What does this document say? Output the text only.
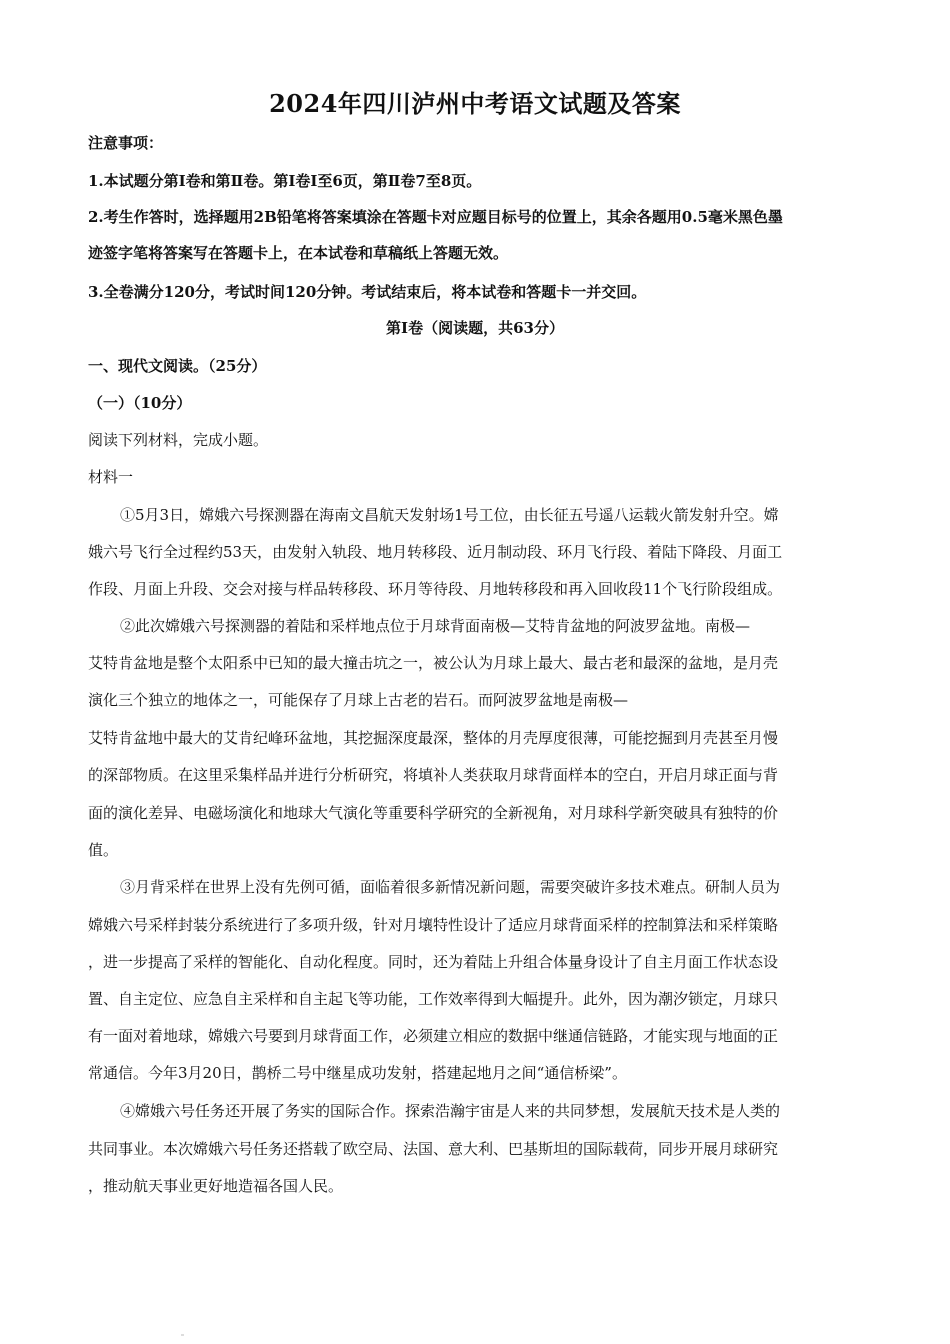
2024年四川泸州中考语文试题及答案
注意事项：
1.本试题分第Ⅰ卷和第Ⅱ卷。第Ⅰ卷Ⅰ至6页，第Ⅱ卷7至8页。
2.考生作答时，选择题用2B铅笔将答案填涂在答题卡对应题目标号的位置上，其余各题用0.5毫米黑色墨
迹签字笔将答案写在答题卡上，在本试卷和草稿纸上答题无效。
3.全卷满分120分，考试时间120分钟。考试结束后，将本试卷和答题卡一并交回。
第Ⅰ卷（阅读题，共63分）
一、现代文阅读。（25分）
（一）（10分）
阅读下列材料，完成小题。
材料一
①5月3日，嫦娥六号探测器在海南文昌航天发射场1号工位，由长征五号遥八运载火箭发射升空。嫦
娥六号飞行全过程约53天，由发射入轨段、地月转移段、近月制动段、环月飞行段、着陆下降段、月面工
作段、月面上升段、交会对接与样品转移段、环月等待段、月地转移段和再入回收段11个飞行阶段组成。
②此次嫦娥六号探测器的着陆和采样地点位于月球背面南极—艾特肯盆地的阿波罗盆地。南极—
艾特肯盆地是整个太阳系中已知的最大撞击坑之一，被公认为月球上最大、最古老和最深的盆地，是月壳
演化三个独立的地体之一，可能保存了月球上古老的岩石。而阿波罗盆地是南极—
艾特肯盆地中最大的艾肯纪峰环盆地，其挖掘深度最深，整体的月壳厚度很薄，可能挖掘到月壳甚至月慢
的深部物质。在这里采集样品并进行分析研究，将填补人类获取月球背面样本的空白，开启月球正面与背
面的演化差异、电磁场演化和地球大气演化等重要科学研究的全新视角，对月球科学新突破具有独特的价
值。
③月背采样在世界上没有先例可循，面临着很多新情况新问题，需要突破许多技术难点。研制人员为
嫦娥六号采样封装分系统进行了多项升级，针对月壤特性设计了适应月球背面采样的控制算法和采样策略
，进一步提高了采样的智能化、自动化程度。同时，还为着陆上升组合体量身设计了自主月面工作状态设
置、自主定位、应急自主采样和自主起飞等功能，工作效率得到大幅提升。此外，因为潮汐锁定，月球只
有一面对着地球，嫦娥六号要到月球背面工作，必须建立相应的数据中继通信链路，才能实现与地面的正
常通信。今年3月20日，鹊桥二号中继星成功发射，搭建起地月之间“通信桥梁”。
④嫦娥六号任务还开展了务实的国际合作。探索浩瀚宇宙是人来的共同梦想，发展航天技术是人类的
共同事业。本次嫦娥六号任务还搭载了欧空局、法国、意大利、巴基斯坦的国际载荷，同步开展月球研究
，推动航天事业更好地造福各国人民。
